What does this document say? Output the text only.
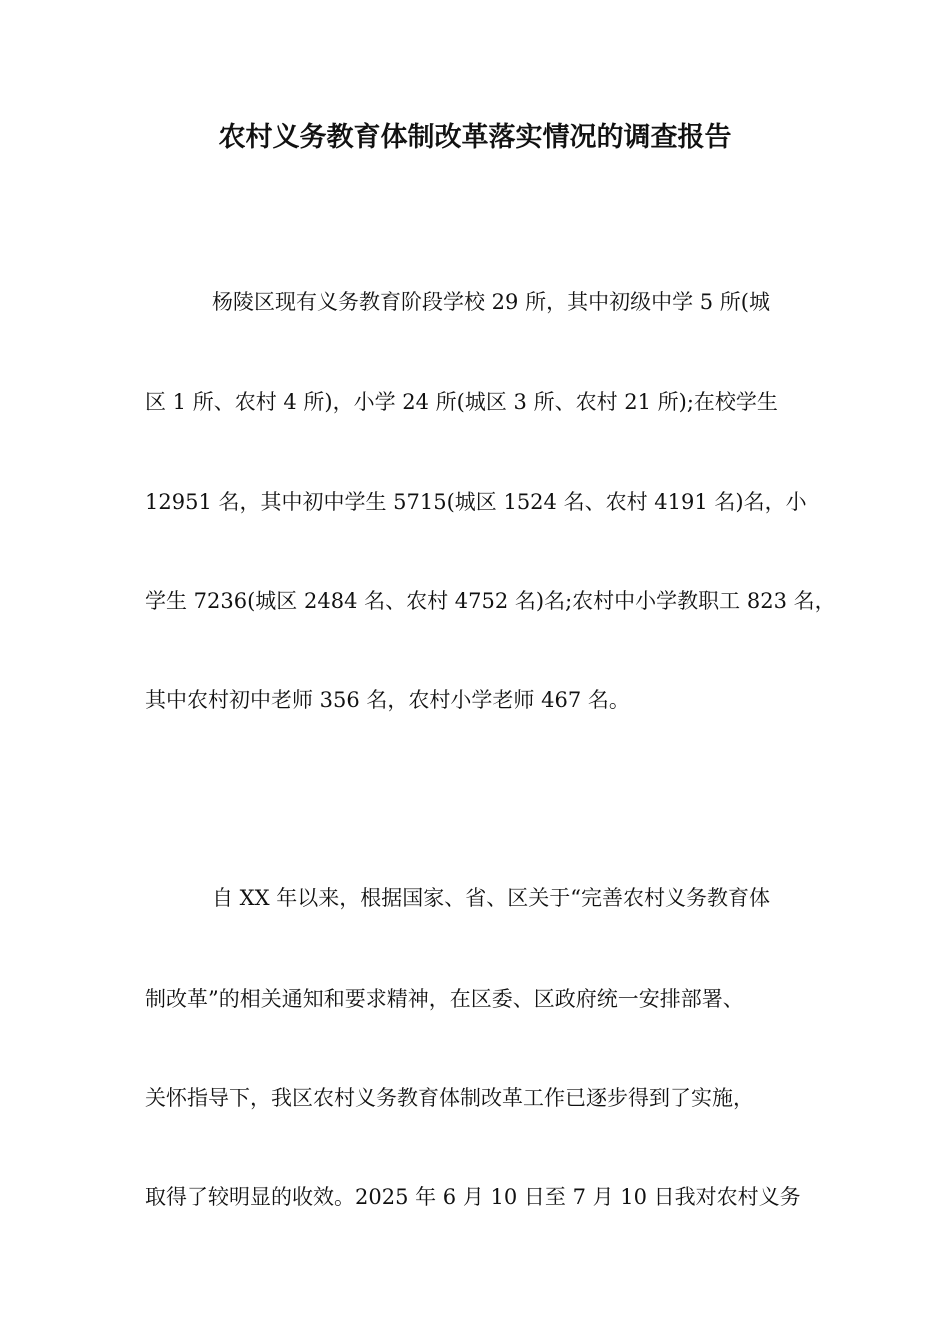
农村义务教育体制改革落实情况的调查报告
杨陵区现有义务教育阶段学校 29 所，其中初级中学 5 所(城
区 1 所、农村 4 所)，小学 24 所(城区 3 所、农村 21 所);在校学生
12951 名，其中初中学生 5715(城区 1524 名、农村 4191 名)名，小
学生 7236(城区 2484 名、农村 4752 名)名;农村中小学教职工 823 名，
其中农村初中老师 356 名，农村小学老师 467 名。
自 XX 年以来，根据国家、省、区关于“完善农村义务教育体
制改革”的相关通知和要求精神，在区委、区政府统一安排部署、
关怀指导下，我区农村义务教育体制改革工作已逐步得到了实施，
取得了较明显的收效。2025 年 6 月 10 日至 7 月 10 日我对农村义务
